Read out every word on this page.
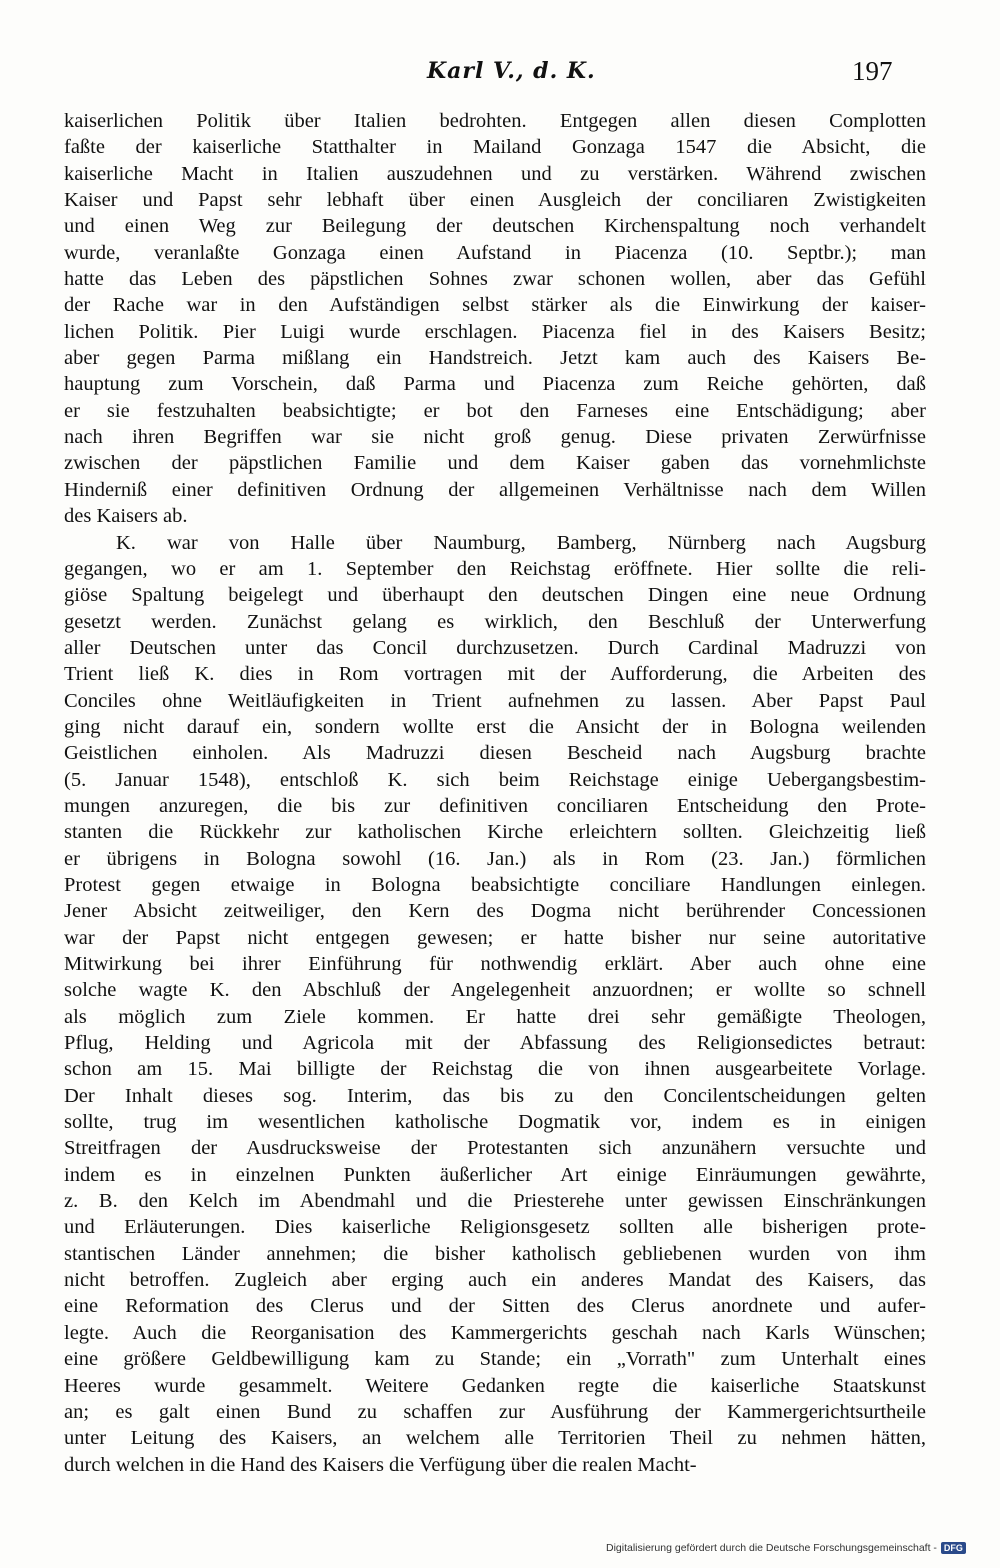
Karl V., d. K.	197
kaiserlichen Politik über Italien bedrohten. Entgegen allen diesen Complotten
faßte der kaiserliche Statthalter in Mailand Gonzaga 1547 die Absicht, die
kaiserliche Macht in Italien auszudehnen und zu verstärken. Während zwischen
Kaiser und Papst sehr lebhaft über einen Ausgleich der conciliaren Zwistigkeiten
und einen Weg zur Beilegung der deutschen Kirchenspaltung noch verhandelt
wurde, veranlaßte Gonzaga einen Aufstand in Piacenza (10. Septbr.); man
hatte das Leben des päpstlichen Sohnes zwar schonen wollen, aber das Gefühl
der Rache war in den Aufständigen selbst stärker als die Einwirkung der kaiser-
lichen Politik. Pier Luigi wurde erschlagen. Piacenza fiel in des Kaisers Besitz;
aber gegen Parma mißlang ein Handstreich. Jetzt kam auch des Kaisers Be-
hauptung zum Vorschein, daß Parma und Piacenza zum Reiche gehörten, daß
er sie festzuhalten beabsichtigte; er bot den Farneses eine Entschädigung; aber
nach ihren Begriffen war sie nicht groß genug. Diese privaten Zerwürfnisse
zwischen der päpstlichen Familie und dem Kaiser gaben das vornehmlichste
Hinderniß einer definitiven Ordnung der allgemeinen Verhältnisse nach dem Willen
des Kaisers ab.
K. war von Halle über Naumburg, Bamberg, Nürnberg nach Augsburg
gegangen, wo er am 1. September den Reichstag eröffnete. Hier sollte die reli-
giöse Spaltung beigelegt und überhaupt den deutschen Dingen eine neue Ordnung
gesetzt werden. Zunächst gelang es wirklich, den Beschluß der Unterwerfung
aller Deutschen unter das Concil durchzusetzen. Durch Cardinal Madruzzi von
Trient ließ K. dies in Rom vortragen mit der Aufforderung, die Arbeiten des
Conciles ohne Weitläufigkeiten in Trient aufnehmen zu lassen. Aber Papst Paul
ging nicht darauf ein, sondern wollte erst die Ansicht der in Bologna weilenden
Geistlichen einholen. Als Madruzzi diesen Bescheid nach Augsburg brachte
(5. Januar 1548), entschloß K. sich beim Reichstage einige Uebergangsbestim-
mungen anzuregen, die bis zur definitiven conciliaren Entscheidung den Prote-
stanten die Rückkehr zur katholischen Kirche erleichtern sollten. Gleichzeitig ließ
er übrigens in Bologna sowohl (16. Jan.) als in Rom (23. Jan.) förmlichen
Protest gegen etwaige in Bologna beabsichtigte conciliare Handlungen einlegen.
Jener Absicht zeitweiliger, den Kern des Dogma nicht berührender Concessionen
war der Papst nicht entgegen gewesen; er hatte bisher nur seine autoritative
Mitwirkung bei ihrer Einführung für nothwendig erklärt. Aber auch ohne eine
solche wagte K. den Abschluß der Angelegenheit anzuordnen; er wollte so schnell
als möglich zum Ziele kommen. Er hatte drei sehr gemäßigte Theologen,
Pflug, Helding und Agricola mit der Abfassung des Religionsedictes betraut:
schon am 15. Mai billigte der Reichstag die von ihnen ausgearbeitete Vorlage.
Der Inhalt dieses sog. Interim, das bis zu den Concilentscheidungen gelten
sollte, trug im wesentlichen katholische Dogmatik vor, indem es in einigen
Streitfragen der Ausdrucksweise der Protestanten sich anzunähern versuchte und
indem es in einzelnen Punkten äußerlicher Art einige Einräumungen gewährte,
z. B. den Kelch im Abendmahl und die Priesterehe unter gewissen Einschränkungen
und Erläuterungen. Dies kaiserliche Religionsgesetz sollten alle bisherigen prote-
stantischen Länder annehmen; die bisher katholisch gebliebenen wurden von ihm
nicht betroffen. Zugleich aber erging auch ein anderes Mandat des Kaisers, das
eine Reformation des Clerus und der Sitten des Clerus anordnete und aufer-
legte. Auch die Reorganisation des Kammergerichts geschah nach Karls Wünschen;
eine größere Geldbewilligung kam zu Stande; ein „Vorrath" zum Unterhalt eines
Heeres wurde gesammelt. Weitere Gedanken regte die kaiserliche Staatskunst
an; es galt einen Bund zu schaffen zur Ausführung der Kammergerichtsurtheile
unter Leitung des Kaisers, an welchem alle Territorien Theil zu nehmen hätten,
durch welchen in die Hand des Kaisers die Verfügung über die realen Macht-
Digitalisierung gefördert durch die Deutsche Forschungsgemeinschaft - DFG
